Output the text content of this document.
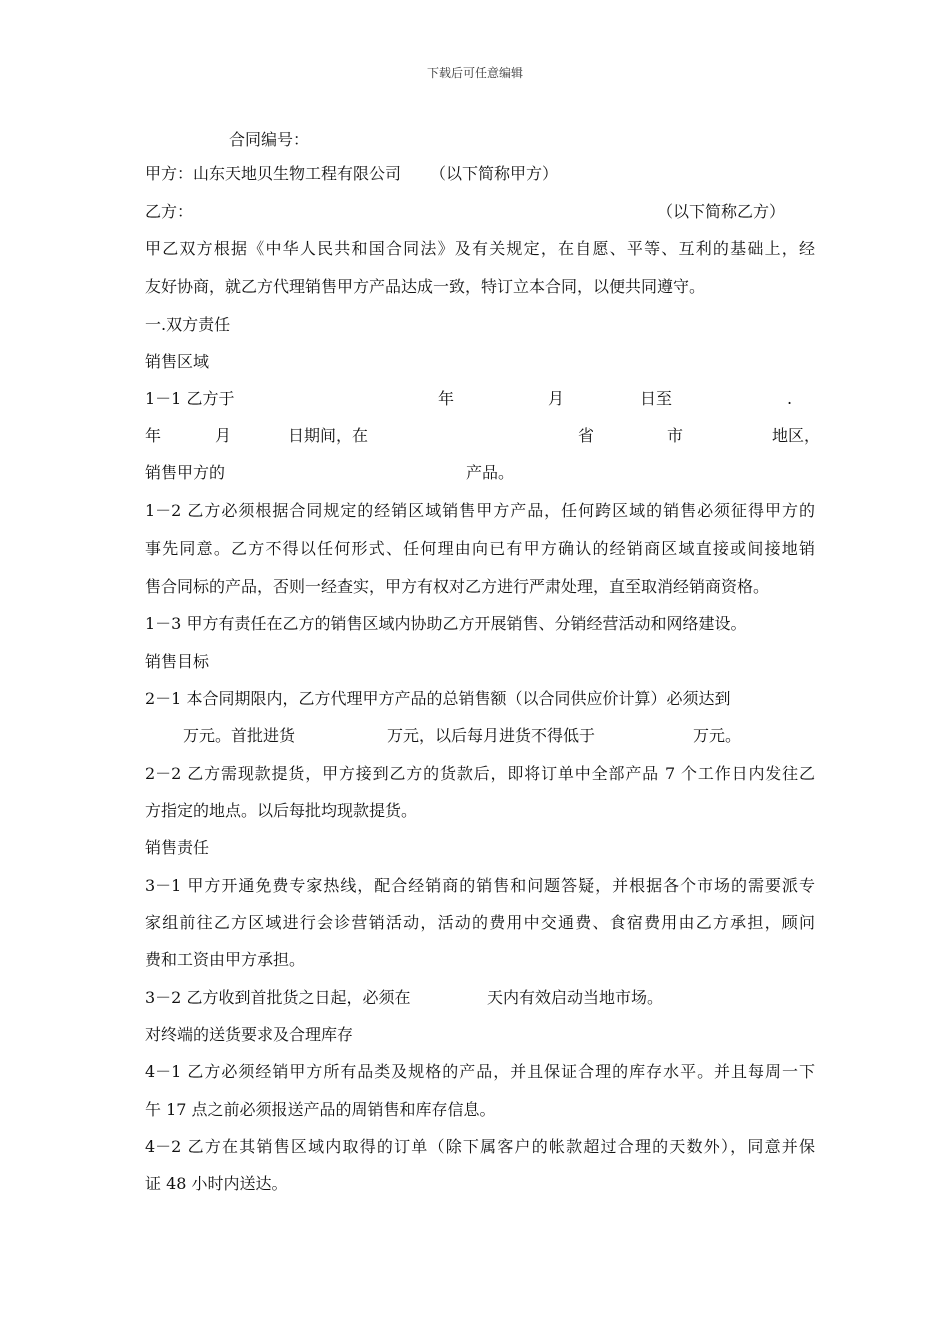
下载后可任意编辑
合同编号：
甲方：山东天地贝生物工程有限公司 （以下简称甲方）
乙方：	（以下简称乙方）
甲乙双方根据《中华人民共和国合同法》及有关规定，在自愿、平等、互利的基础上，经
友好协商，就乙方代理销售甲方产品达成一致，特订立本合同，以便共同遵守。
一.双方责任
销售区域
1－1 乙方于	年	月	日至	.
年	月	日期间，在	省	市	地区，
销售甲方的	产品。
1－2 乙方必须根据合同规定的经销区域销售甲方产品，任何跨区域的销售必须征得甲方的
事先同意。乙方不得以任何形式、任何理由向已有甲方确认的经销商区域直接或间接地销
售合同标的产品，否则一经查实，甲方有权对乙方进行严肃处理，直至取消经销商资格。
1－3 甲方有责任在乙方的销售区域内协助乙方开展销售、分销经营活动和网络建设。
销售目标
2－1 本合同期限内，乙方代理甲方产品的总销售额（以合同供应价计算）必须达到
万元。首批进货	万元，以后每月进货不得低于	万元。
2－2 乙方需现款提货，甲方接到乙方的货款后，即将订单中全部产品 7 个工作日内发往乙
方指定的地点。以后每批均现款提货。
销售责任
3－1 甲方开通免费专家热线，配合经销商的销售和问题答疑，并根据各个市场的需要派专
家组前往乙方区域进行会诊营销活动，活动的费用中交通费、食宿费用由乙方承担，顾问
费和工资由甲方承担。
3－2 乙方收到首批货之日起，必须在	天内有效启动当地市场。
对终端的送货要求及合理库存
4－1 乙方必须经销甲方所有品类及规格的产品，并且保证合理的库存水平。并且每周一下
午 17 点之前必须报送产品的周销售和库存信息。
4－2 乙方在其销售区域内取得的订单（除下属客户的帐款超过合理的天数外），同意并保
证 48 小时内送达。
